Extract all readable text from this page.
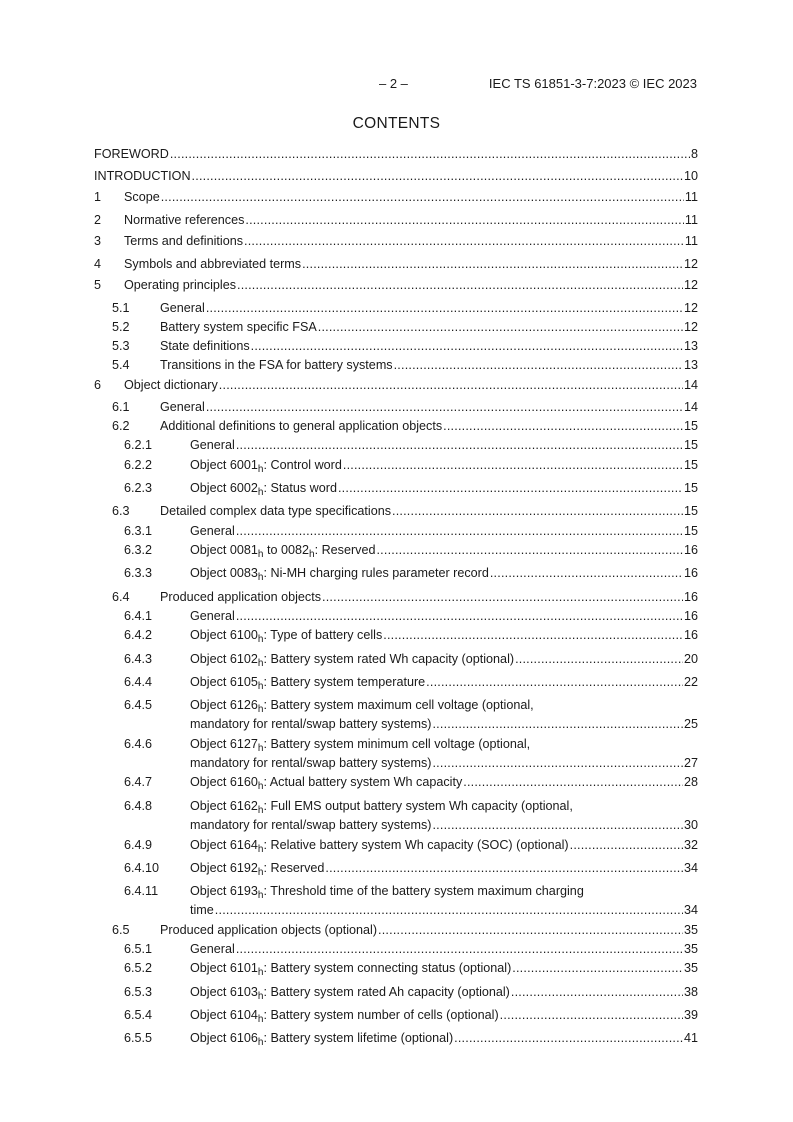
– 2 –	IEC TS 61851-3-7:2023 © IEC 2023
CONTENTS
FOREWORD .....	8
INTRODUCTION .....	10
1 Scope .....	11
2 Normative references .....	11
3 Terms and definitions .....	11
4 Symbols and abbreviated terms .....	12
5 Operating principles .....	12
5.1 General .....	12
5.2 Battery system specific FSA .....	12
5.3 State definitions .....	13
5.4 Transitions in the FSA for battery systems .....	13
6 Object dictionary .....	14
6.1 General .....	14
6.2 Additional definitions to general application objects .....	15
6.2.1	General .....	15
6.2.2	Object $6001_h$: Control word .....	15
6.2.3	Object $6002_h$: Status word .....	15
6.3 Detailed complex data type specifications .....	15
6.3.1	General .....	15
6.3.2	Object $0081_h$ to $0082_h$: Reserved .....	16
6.3.3	Object $0083_h$: Ni-MH charging rules parameter record .....	16
6.4 Produced application objects .....	16
6.4.1	General .....	16
6.4.2	Object $6100_h$: Type of battery cells .....	16
6.4.3	Object $6102_h$: Battery system rated Wh capacity (optional) .....	20
6.4.4	Object $6105_h$: Battery system temperature .....	22
6.4.5	Object $6126_h$: Battery system maximum cell voltage (optional,
mandatory for rental/swap battery systems) .....	25
6.4.6	Object $6127_h$: Battery system minimum cell voltage (optional,
mandatory for rental/swap battery systems) .....	27
6.4.7	Object $6160_h$: Actual battery system Wh capacity .....	28
6.4.8	Object $6162_h$: Full EMS output battery system Wh capacity (optional,
mandatory for rental/swap battery systems) .....	30
6.4.9	Object $6164_h$: Relative battery system Wh capacity (SOC) (optional) .....	32
6.4.10 Object $6192_h$: Reserved .....	34
6.4.11	Object $6193_h$: Threshold time of the battery system maximum charging
time .....	34
6.5 Produced application objects (optional) .....	35
6.5.1	General .....	35
6.5.2	Object $6101_h$: Battery system connecting status (optional) .....	35
6.5.3	Object $6103_h$: Battery system rated Ah capacity (optional) .....	38
6.5.4	Object $6104_h$: Battery system number of cells (optional) .....	39
6.5.5	Object $6106_h$: Battery system lifetime (optional) .....	41
